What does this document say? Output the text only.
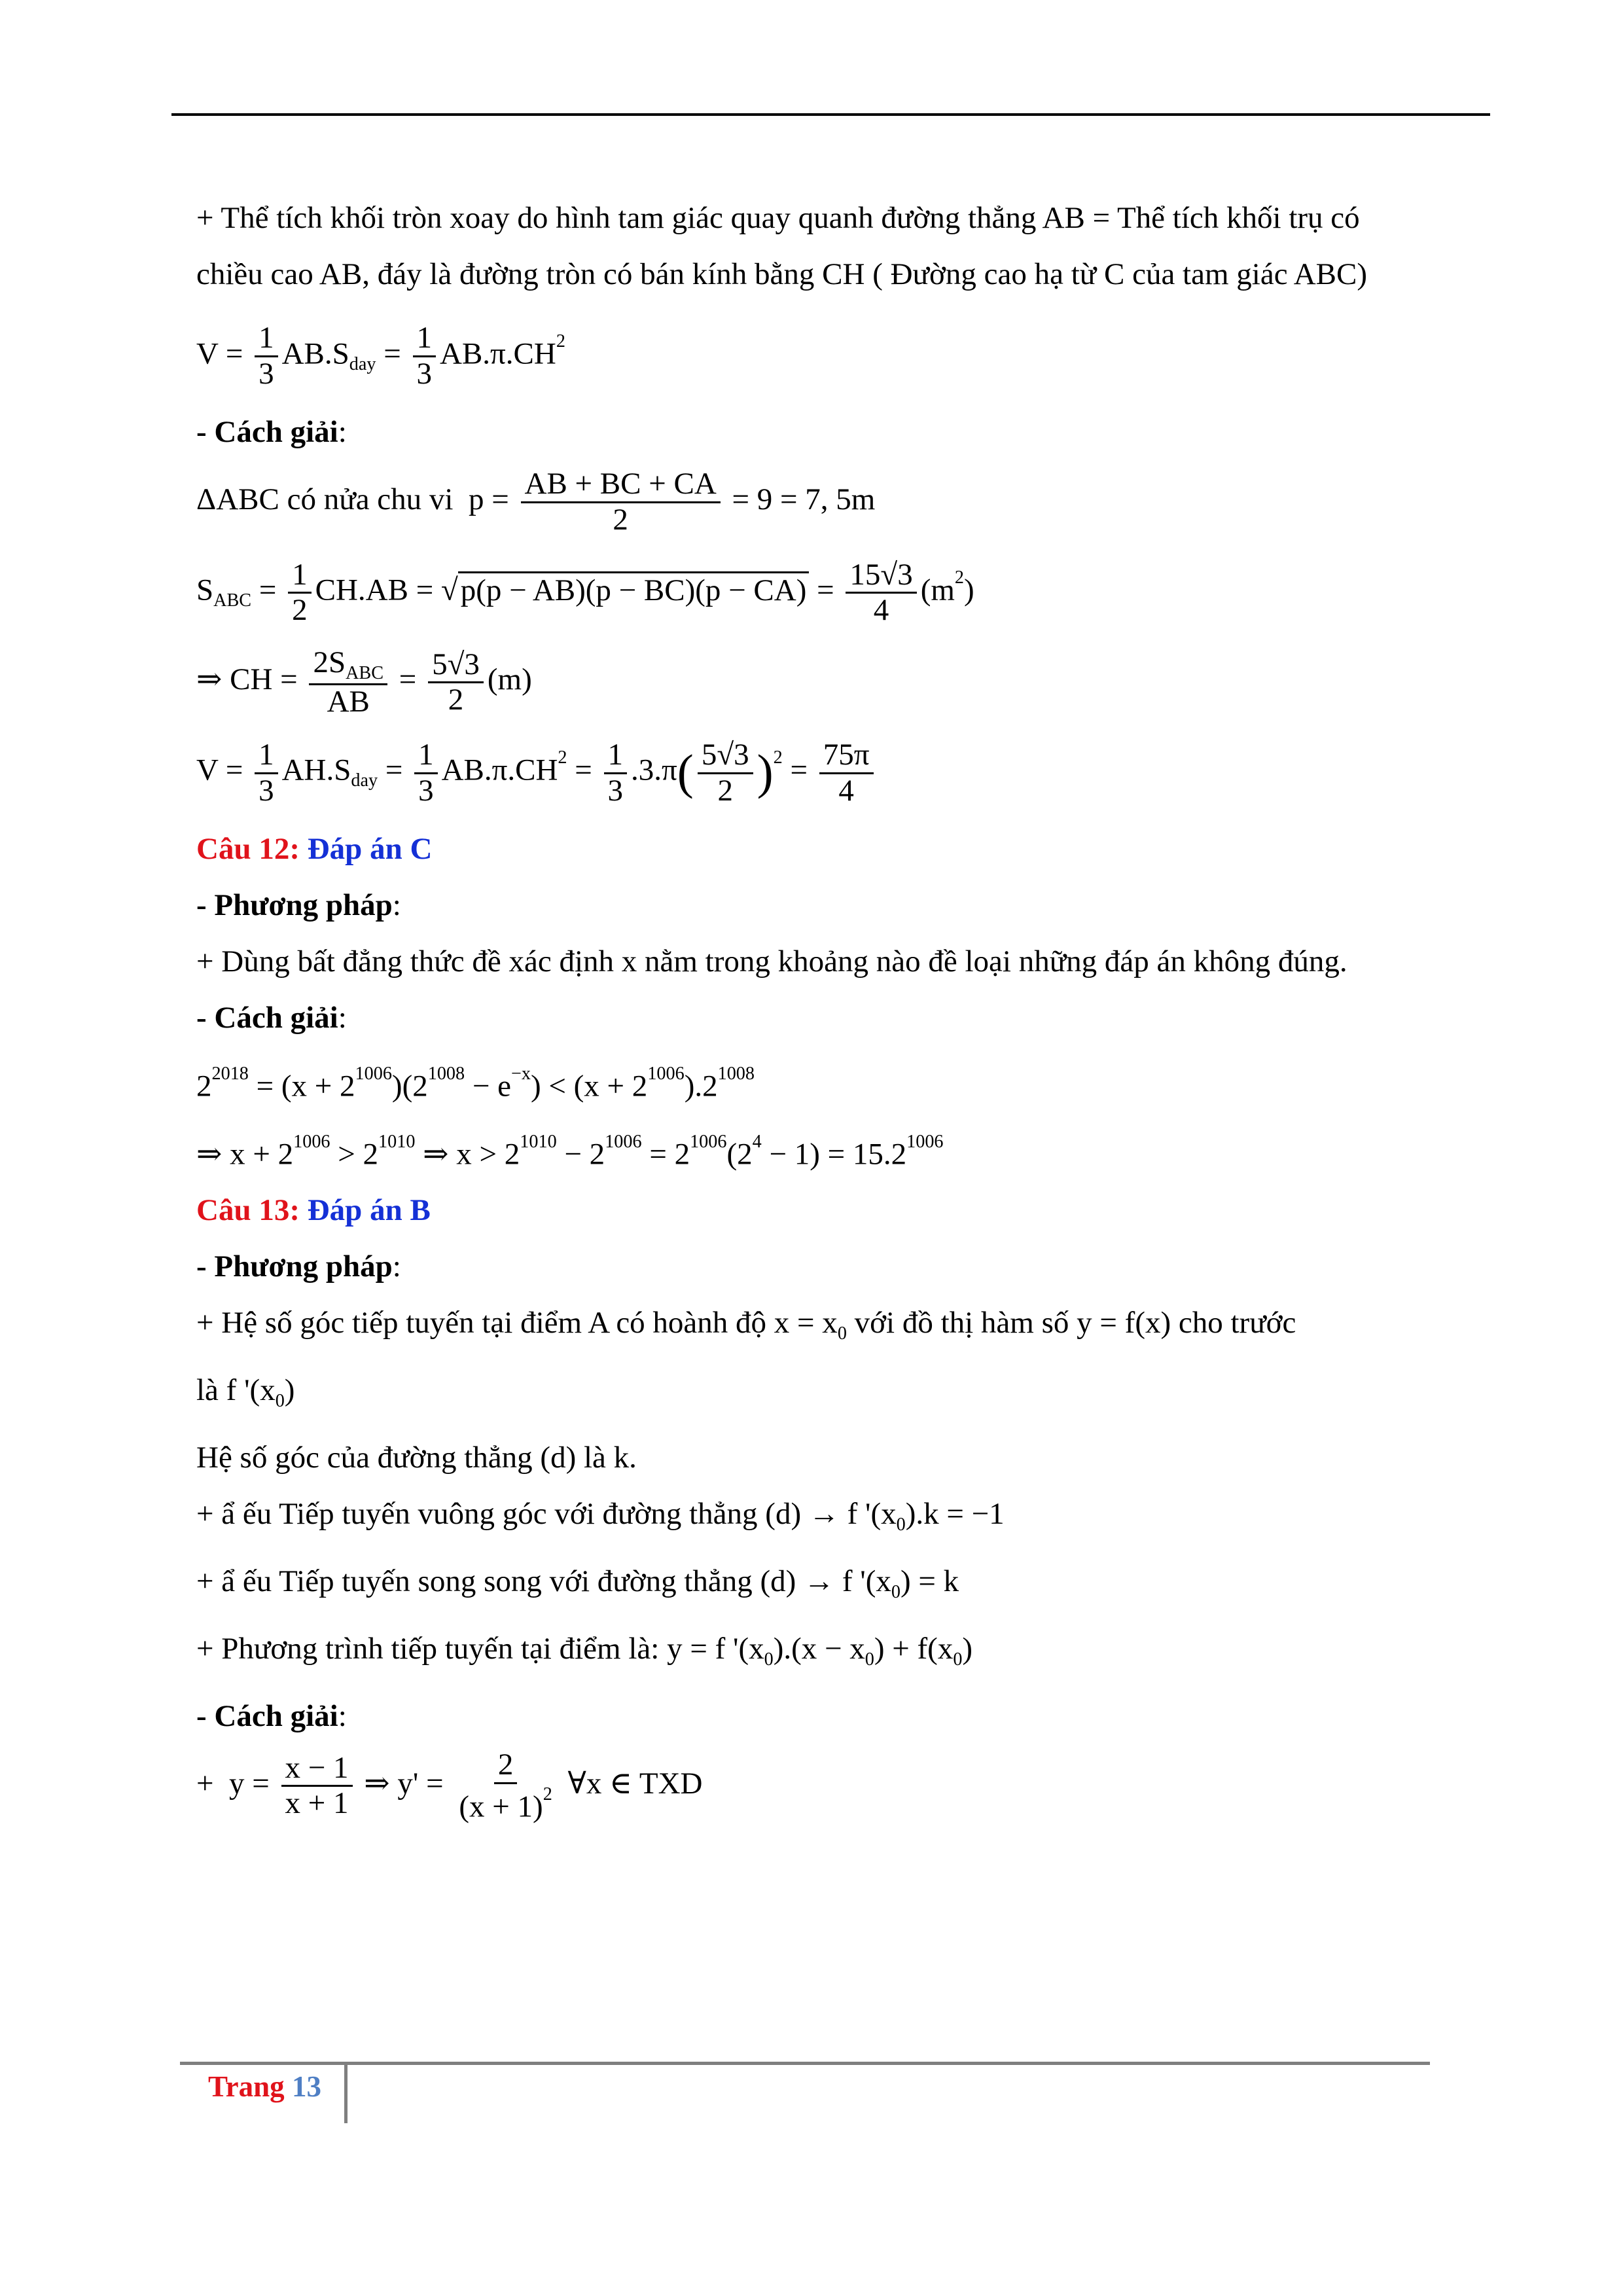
+ Thể tích khối tròn xoay do hình tam giác quay quanh đường thẳng AB = Thể tích khối trụ có chiều cao AB, đáy là đường tròn có bán kính bằng CH ( Đường cao hạ từ C của tam giác ABC)
$V = \frac{1}{3} AB.S_{day} = \frac{1}{3} AB.\pi.CH^2$
- Cách giải:
ΔABC có nửa chu vi  $p = \frac{AB + BC + CA}{2} = 9 = 7$, 5m
$S_{ABC} = \frac{1}{2} CH.AB = √p(p - AB)(p - BC)(p - CA) = \frac{15√3}{4} (m^2)$
⇒ CH = $\frac{2S_{ABC}}{AB} = \frac{5√3}{2} (m)$
$V = \frac{1}{3} AH.S_{day} = \frac{1}{3} AB.\pi.CH^2 = \frac{1}{3} .3.\pi( \frac{5√3}{2} )^2 = \frac{75\pi}{4}$
Câu 12: Đáp án C
- Phương pháp:
+ Dùng bất đẳng thức đề xác định x nằm trong khoảng nào đề loại những đáp án không đúng.
- Cách giải:
$2^{2018} = (x + 2^{1006})(2^{1008} - e^{-x}) < (x + 2^{1006}).2^{1008}$
⇒ $x + 2^{1006} > 2^{1010}$ ⇒ $x > 2^{1010} - 2^{1006} = 2^{1006}(2^4 - 1) = 15.2^{1006}$
Câu 13: Đáp án B
- Phương pháp:
+ Hệ số góc tiếp tuyến tại điểm A có hoành độ $x = x_0$ với đồ thị hàm số y = f(x) cho trước
là f '$(x_0)$
Hệ số góc của đường thẳng (d) là k.
+ ẩ ếu Tiếp tuyến vuông góc với đường thẳng (d) → f '$(x_0).k = -1$
+ ẩ ếu Tiếp tuyến song song với đường thẳng (d) → f '$(x_0) = k$
+ Phương trình tiếp tuyến tại điểm là: y = f '$(x_0).(x - x_0) + f(x_0)$
- Cách giải:
+  $y = \frac{x - 1}{x + 1}$ ⇒ $y' = \frac{2}{(x + 1)^2}$ ∀x ∈ TXD
Trang 13
